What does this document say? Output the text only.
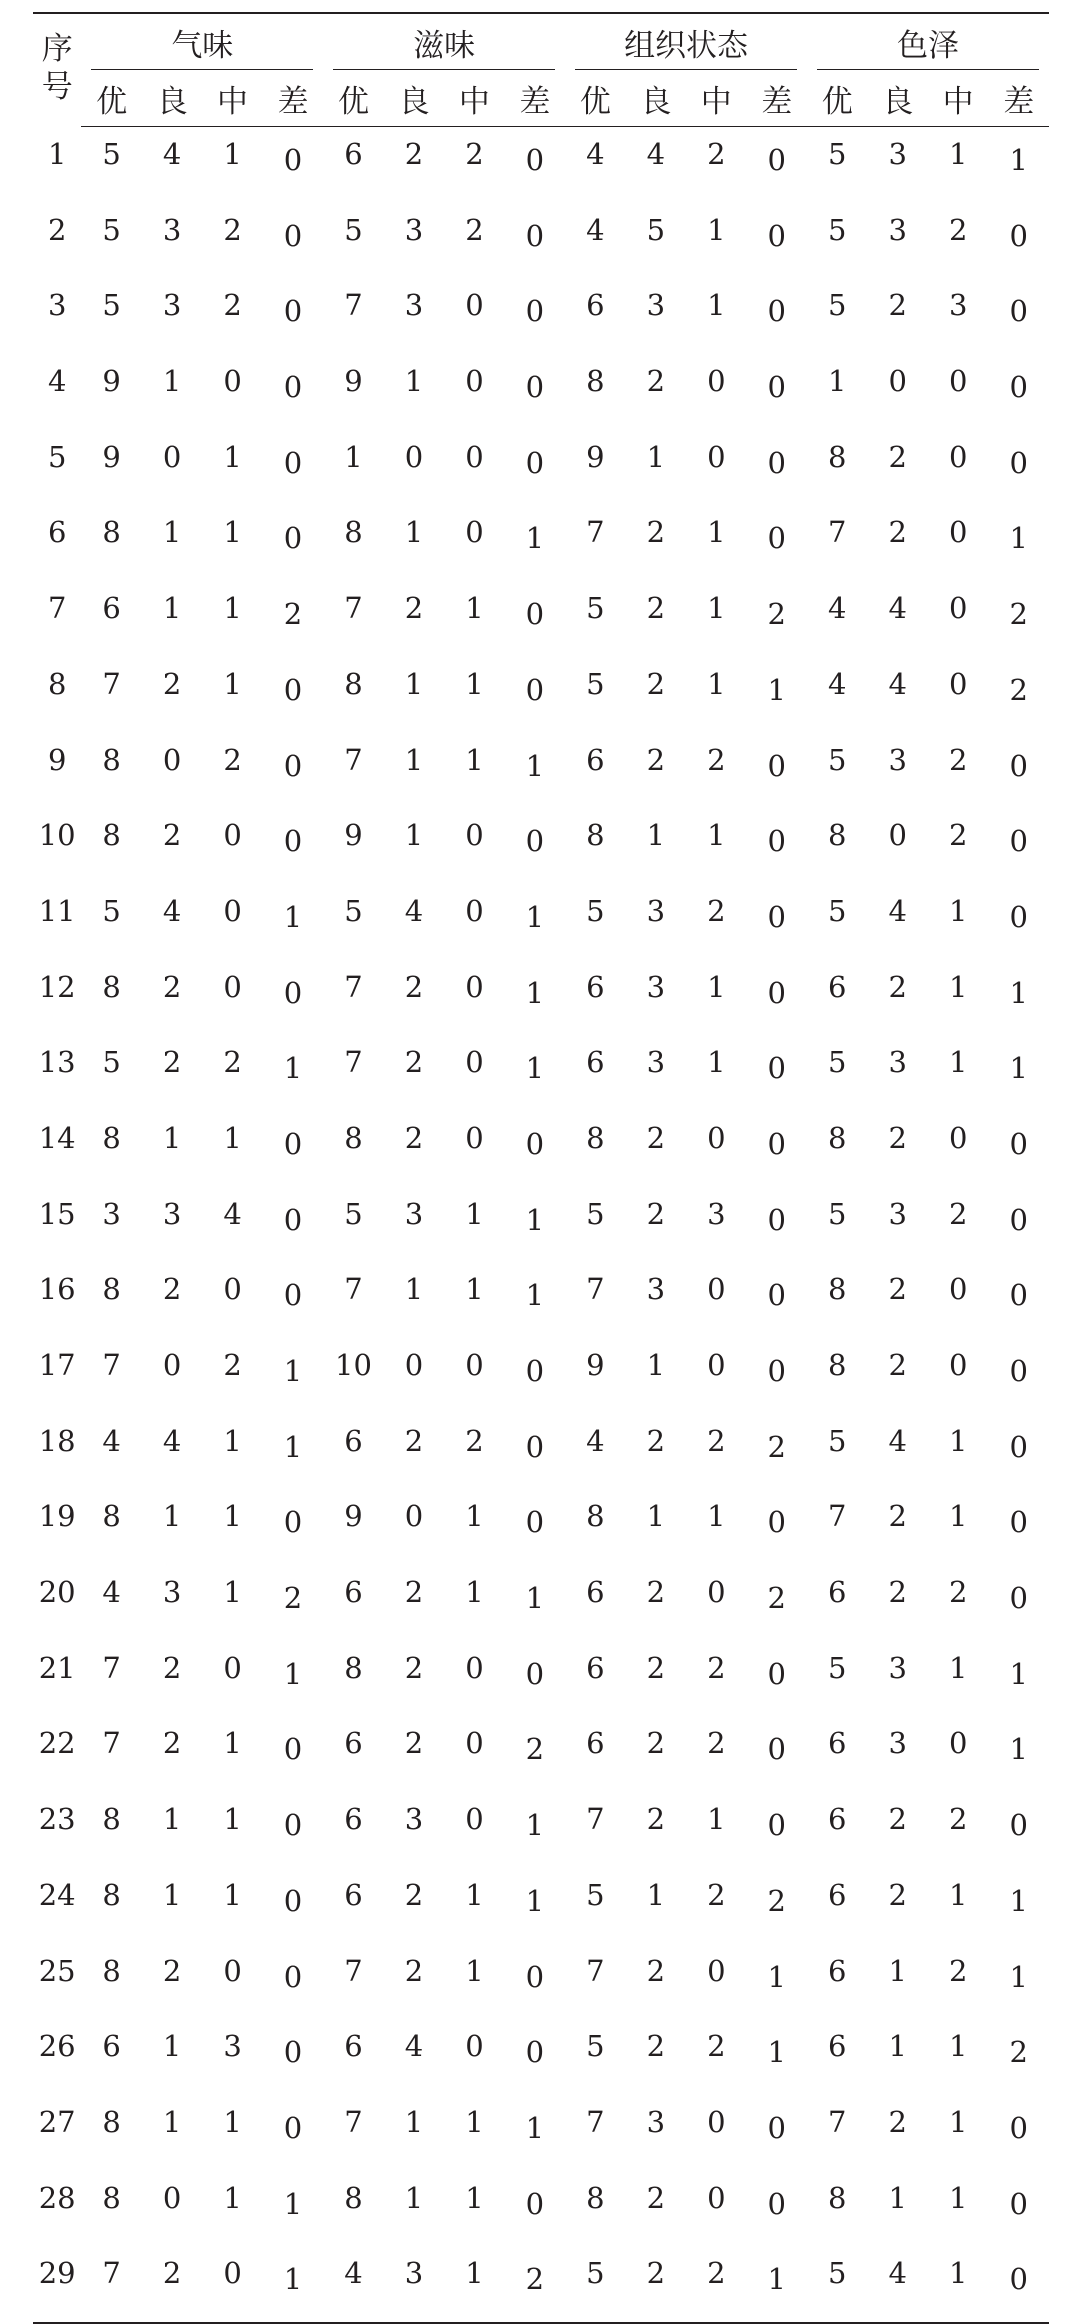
序号	气味				滋味				组织状态				色泽			

	优	良	中	差	优	良	中	差	优	良	中	差	优	良	中	差
1	5	4	1	0	6	2	2	0	4	4	2	0	5	3	1	1
2	5	3	2	0	5	3	2	0	4	5	1	0	5	3	2	0
3	5	3	2	0	7	3	0	0	6	3	1	0	5	2	3	0
4	9	1	0	0	9	1	0	0	8	2	0	0	1	0	0	0
5	9	0	1	0	1	0	0	0	9	1	0	0	8	2	0	0
6	8	1	1	0	8	1	0	1	7	2	1	0	7	2	0	1
7	6	1	1	2	7	2	1	0	5	2	1	2	4	4	0	2
8	7	2	1	0	8	1	1	0	5	2	1	1	4	4	0	2
9	8	0	2	0	7	1	1	1	6	2	2	0	5	3	2	0
10	8	2	0	0	9	1	0	0	8	1	1	0	8	0	2	0
11	5	4	0	1	5	4	0	1	5	3	2	0	5	4	1	0
12	8	2	0	0	7	2	0	1	6	3	1	0	6	2	1	1
13	5	2	2	1	7	2	0	1	6	3	1	0	5	3	1	1
14	8	1	1	0	8	2	0	0	8	2	0	0	8	2	0	0
15	3	3	4	0	5	3	1	1	5	2	3	0	5	3	2	0
16	8	2	0	0	7	1	1	1	7	3	0	0	8	2	0	0
17	7	0	2	1	10	0	0	0	9	1	0	0	8	2	0	0
18	4	4	1	1	6	2	2	0	4	2	2	2	5	4	1	0
19	8	1	1	0	9	0	1	0	8	1	1	0	7	2	1	0
20	4	3	1	2	6	2	1	1	6	2	0	2	6	2	2	0
21	7	2	0	1	8	2	0	0	6	2	2	0	5	3	1	1
22	7	2	1	0	6	2	0	2	6	2	2	0	6	3	0	1
23	8	1	1	0	6	3	0	1	7	2	1	0	6	2	2	0
24	8	1	1	0	6	2	1	1	5	1	2	2	6	2	1	1
25	8	2	0	0	7	2	1	0	7	2	0	1	6	1	2	1
26	6	1	3	0	6	4	0	0	5	2	2	1	6	1	1	2
27	8	1	1	0	7	1	1	1	7	3	0	0	7	2	1	0
28	8	0	1	1	8	1	1	0	8	2	0	0	8	1	1	0
29	7	2	0	1	4	3	1	2	5	2	2	1	5	4	1	0
